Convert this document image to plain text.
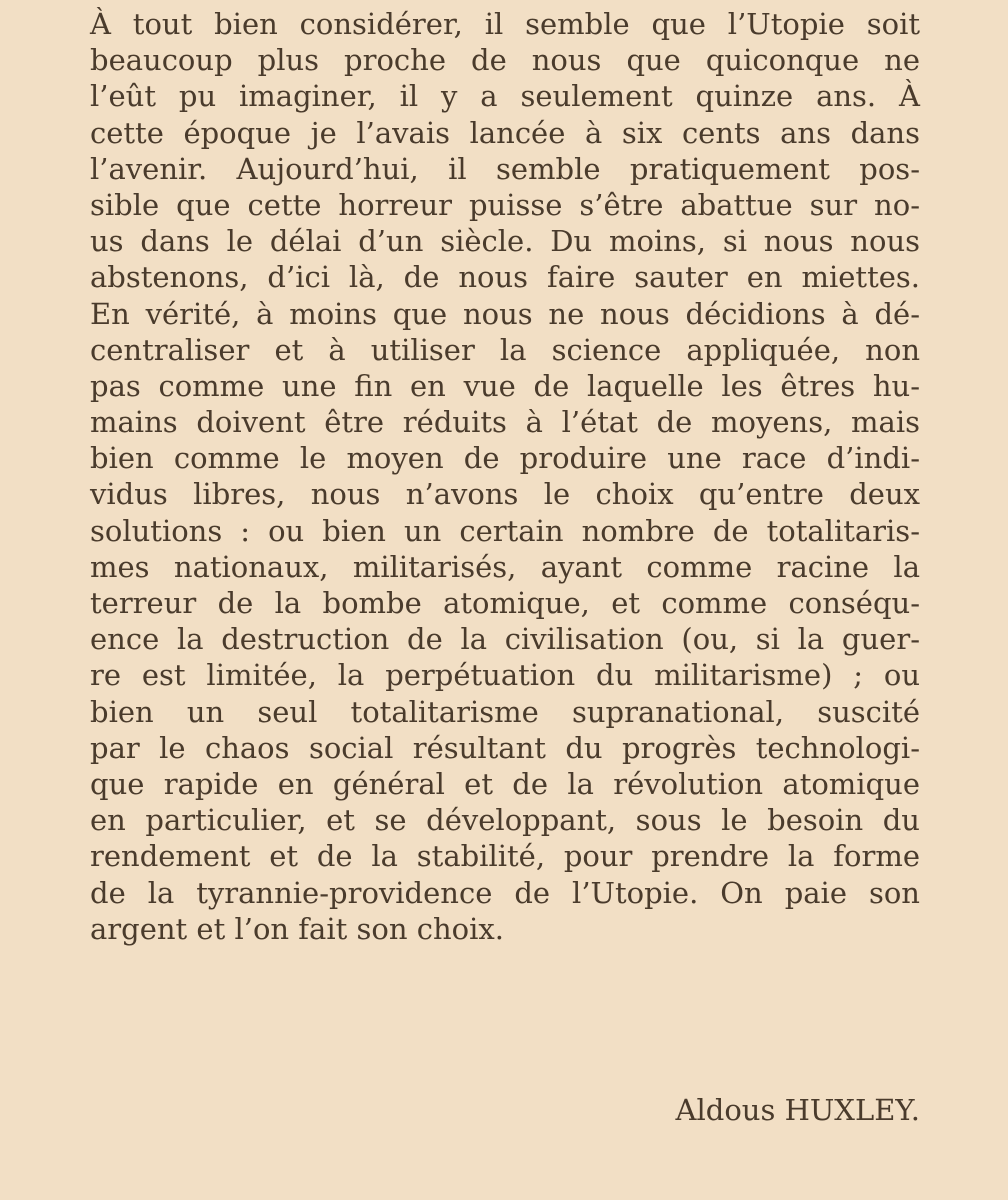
À tout bien considérer, il semble que l’Utopie soit
beaucoup plus proche de nous que quiconque ne
l’eût pu imaginer, il y a seulement quinze ans. À
cette époque je l’avais lancée à six cents ans dans
l’avenir. Aujourd’hui, il semble pratiquement pos-
sible que cette horreur puisse s’être abattue sur no-
us dans le délai d’un siècle. Du moins, si nous nous
abstenons, d’ici là, de nous faire sauter en miettes.
En vérité, à moins que nous ne nous décidions à dé-
centraliser et à utiliser la science appliquée, non
pas comme une fin en vue de laquelle les êtres hu-
mains doivent être réduits à l’état de moyens, mais
bien comme le moyen de produire une race d’indi-
vidus libres, nous n’avons le choix qu’entre deux
solutions : ou bien un certain nombre de totalitaris-
mes nationaux, militarisés, ayant comme racine la
terreur de la bombe atomique, et comme conséqu-
ence la destruction de la civilisation (ou, si la guer-
re est limitée, la perpétuation du militarisme) ; ou
bien un seul totalitarisme supranational, suscité
par le chaos social résultant du progrès technologi-
que rapide en général et de la révolution atomique
en particulier, et se développant, sous le besoin du
rendement et de la stabilité, pour prendre la forme
de la tyrannie-providence de l’Utopie. On paie son
argent et l’on fait son choix.
Aldous HUXLEY.
